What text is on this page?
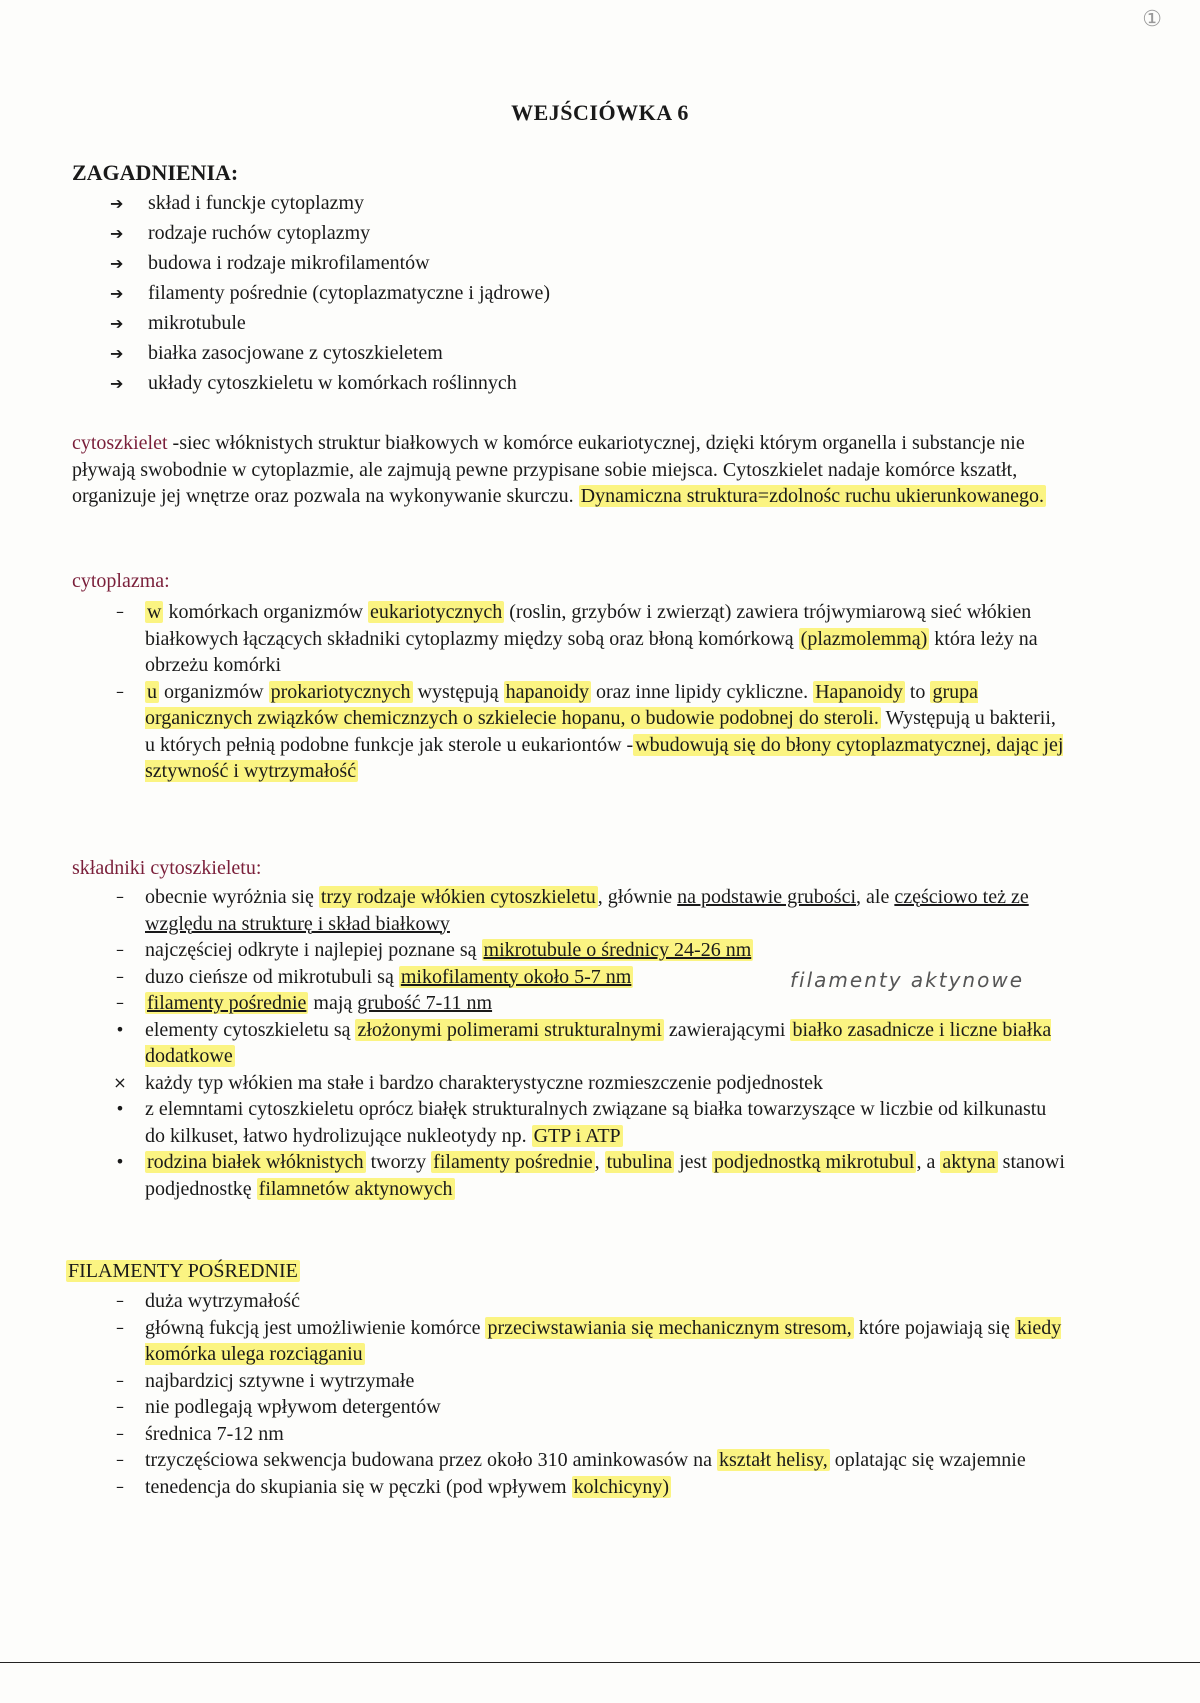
①
WEJŚCIÓWKA 6
ZAGADNIENIA:
➔ skład i funckje cytoplazmy
➔ rodzaje ruchów cytoplazmy
➔ budowa i rodzaje mikrofilamentów
➔ filamenty pośrednie (cytoplazmatyczne i jądrowe)
➔ mikrotubule
➔ białka zasocjowane z cytoszkieletem
➔ układy cytoszkieletu w komórkach roślinnych

cytoszkielet -siec włóknistych struktur białkowych w komórce eukariotycznej, dzięki którym organella i substancje nie pływają swobodnie w cytoplazmie, ale zajmują pewne przypisane sobie miejsca. Cytoszkielet nadaje komórce kszatłt, organizuje jej wnętrze oraz pozwala na wykonywanie skurczu. Dynamiczna struktura=zdolnośc ruchu ukierunkowanego.

cytoplazma:
–	w komórkach organizmów eukariotycznych (roslin, grzybów i zwierząt) zawiera trójwymiarową sieć włókien białkowych łączących składniki cytoplazmy między sobą oraz błoną komórkową (plazmolemmą) która leży na obrzeżu komórki
–	u organizmów prokariotycznych występują hapanoidy oraz inne lipidy cykliczne. Hapanoidy to grupa organicznych związków chemicznzych o szkielecie hopanu, o budowie podobnej do steroli. Występują u bakterii, u których pełnią podobne funkcje jak sterole u eukariontów - wbudowują się do błony cytoplazmatycznej, dając jej sztywność i wytrzymałość
składniki cytoszkieletu:
–	obecnie wyróżnia się trzy rodzaje włókien cytoszkieletu , głównie na podstawie grubości, ale częściowo też ze względu na strukturę i skład białkowy
–	najczęściej odkryte i najlepiej poznane są mikrotubule o średnicy 24-26 nm
–	duzo cieńsze od mikrotubuli są mikofilamenty około 5-7 nm
–	filamenty pośrednie mają grubość 7-11 nm
•	elementy cytoszkieletu są złożonymi polimerami strukturalnymi zawierającymi białko zasadnicze i liczne białka dodatkowe
× każdy typ włókien ma stałe i bardzo charakterystyczne rozmieszczenie podjednostek
•	z elemntami cytoszkieletu oprócz białęk strukturalnych związane są białka towarzyszące w liczbie od kilkunastu do kilkuset, łatwo hydrolizujące nukleotydy np. GTP i ATP
•	rodzina białek włóknistych tworzy filamenty pośrednie , tubulina jest podjednostką mikrotubul , a aktyna stanowi podjednostkę filamnetów aktynowych
filamenty aktynowe
FILAMENTY POŚREDNIE
–	duża wytrzymałość
–	główną fukcją jest umożliwienie komórce przeciwstawiania się mechanicznym stresom, które pojawiają się kiedy komórka ulega rozciąganiu
–	najbardzicj sztywne i wytrzymałe
–	nie podlegają wpływom detergentów
–	średnica 7-12 nm
–	trzyczęściowa sekwencja budowana przez około 310 aminkowasów na kształt helisy, oplatając się wzajemnie
–	tenedencja do skupiania się w pęczki (pod wpływem kolchicyny)
